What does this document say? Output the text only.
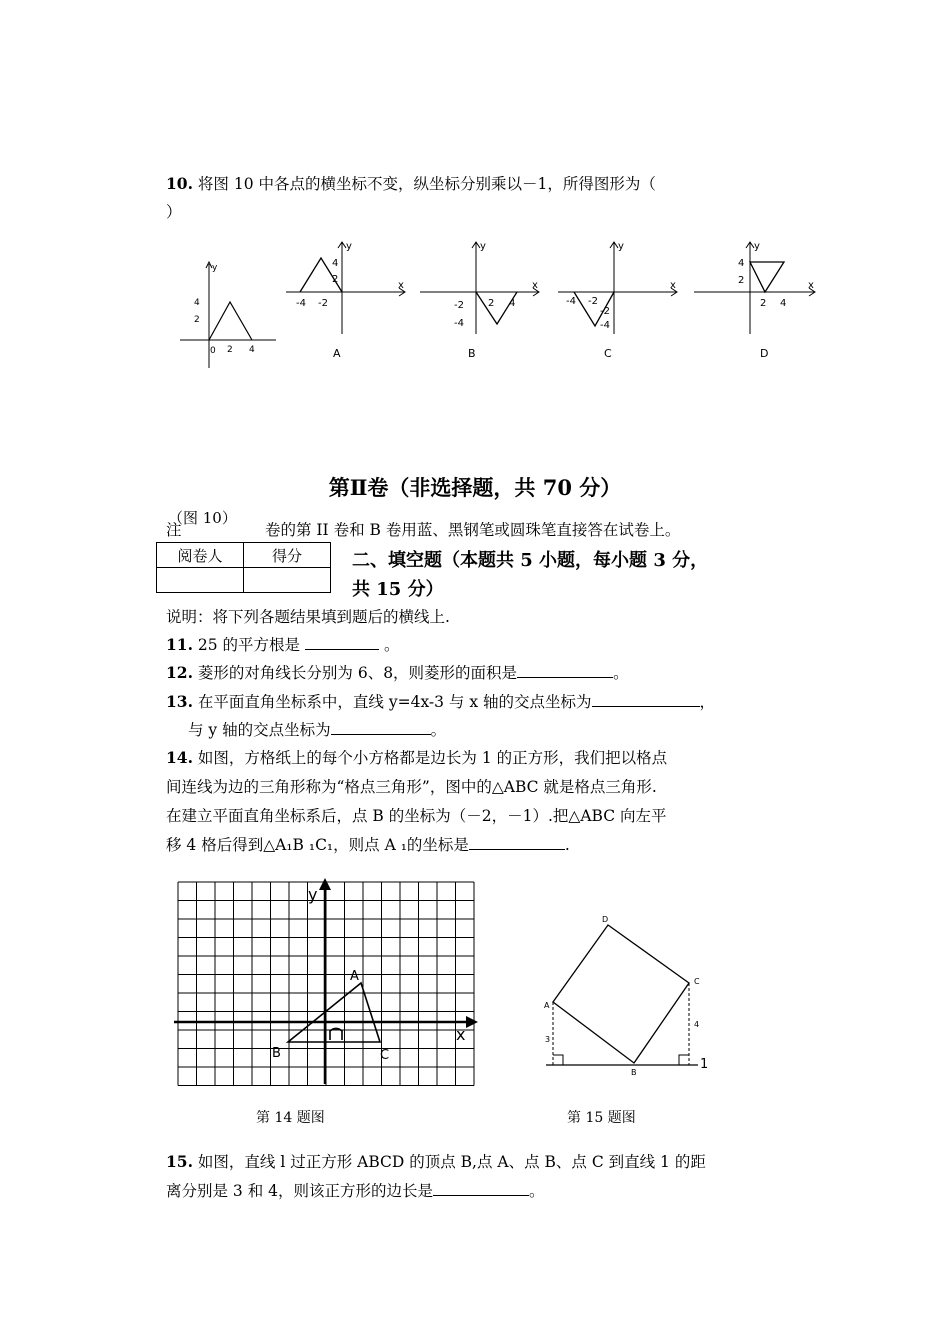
10. 将图 10 中各点的横坐标不变，纵坐标分别乘以－1，所得图形为（
）
y
4
2
0 2 4
（图 10）
y
x
-4 -2
4
2
A
y
x
-2 2 4
-4
B
y
x
-4 -2
-2
-4
C
y
x
2 4
4
2
D
第Ⅱ卷（非选择题，共 70 分）
注	卷的第 II 卷和 B 卷用蓝、黑钢笔或圆珠笔直接答在试卷上。
阅卷人	得分
		二、填空题（本题共 5 小题，每小题 3 分，
共 15 分）
说明：将下列各题结果填到题后的横线上.
11. 25 的平方根是	。
12. 菱形的对角线长分别为 6、8，则菱形的面积是	。
13. 在平面直角坐标系中，直线 y=4x-3 与 x 轴的交点坐标为	，
与 y 轴的交点坐标为	。
14. 如图，方格纸上的每个小方格都是边长为 1 的正方形，我们把以格点
间连线为边的三角形称为“格点三角形”，图中的△ABC 就是格点三角形.
在建立平面直角坐标系后，点 B 的坐标为（－2，－1）.把△ABC 向左平
移 4 格后得到△A₁B ₁C₁，则点 A ₁的坐标是	.
y
x
A
B	C
第 14 题图
D
A
C
B
3
4
1
第 15 题图
15. 如图，直线 l 过正方形 ABCD 的顶点 B,点 A、点 B、点 C 到直线 1 的距
离分别是 3 和 4，则该正方形的边长是	。
